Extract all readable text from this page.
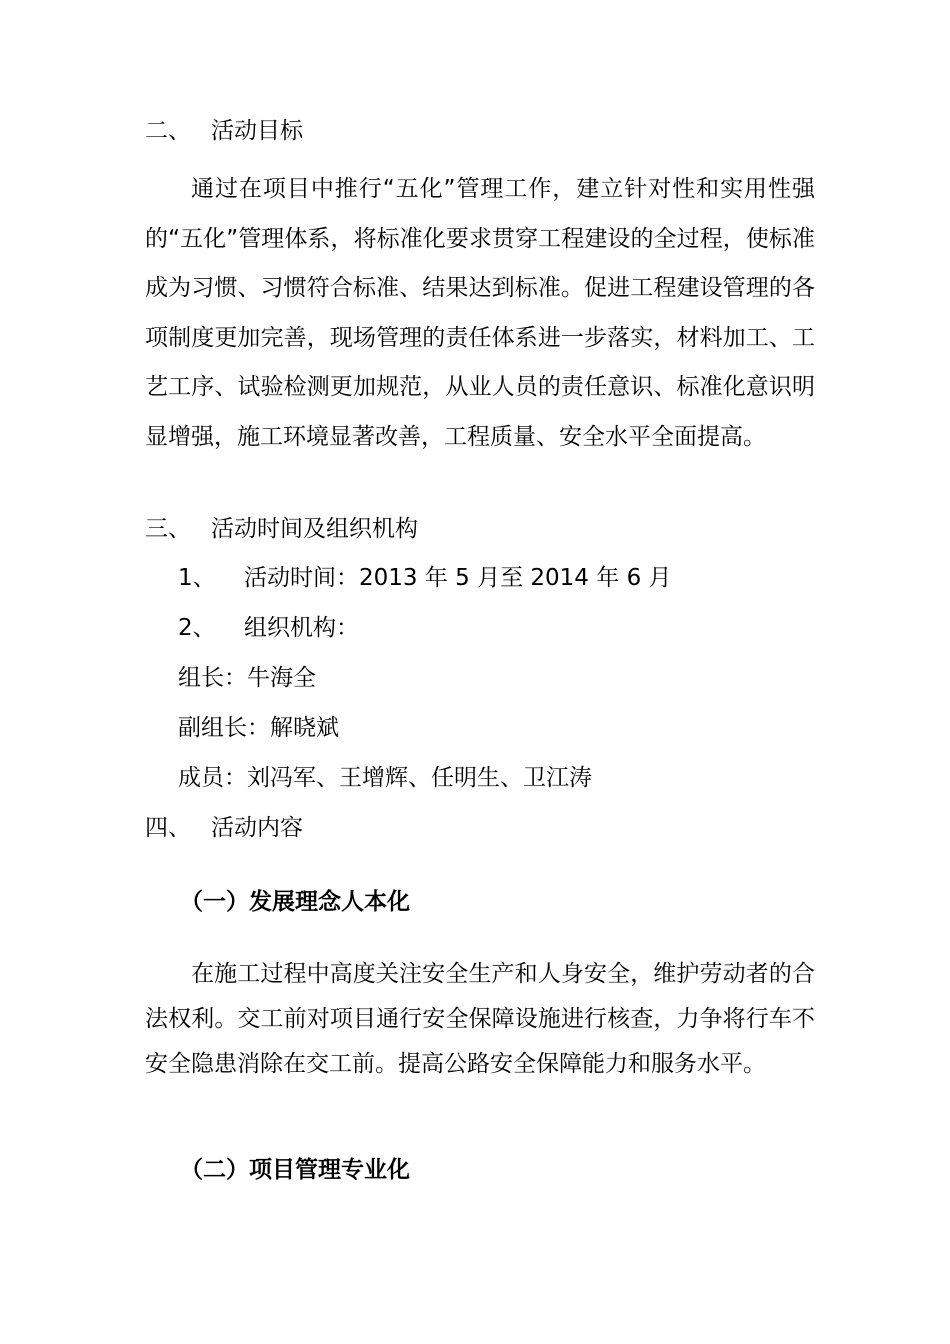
二、 活动目标
通过在项目中推行“五化”管理工作，建立针对性和实用性强的“五化”管理体系，将标准化要求贯穿工程建设的全过程，使标准成为习惯、习惯符合标准、结果达到标准。促进工程建设管理的各项制度更加完善，现场管理的责任体系进一步落实，材料加工、工艺工序、试验检测更加规范，从业人员的责任意识、标准化意识明显增强，施工环境显著改善，工程质量、安全水平全面提高。
三、 活动时间及组织机构
1、 活动时间：2013 年 5 月至 2014 年 6 月
2、 组织机构：
组长：牛海全
副组长：解晓斌
成员：刘冯军、王增辉、任明生、卫江涛
四、 活动内容
（一）发展理念人本化
在施工过程中高度关注安全生产和人身安全，维护劳动者的合法权利。交工前对项目通行安全保障设施进行核查，力争将行车不安全隐患消除在交工前。提高公路安全保障能力和服务水平。
（二）项目管理专业化
